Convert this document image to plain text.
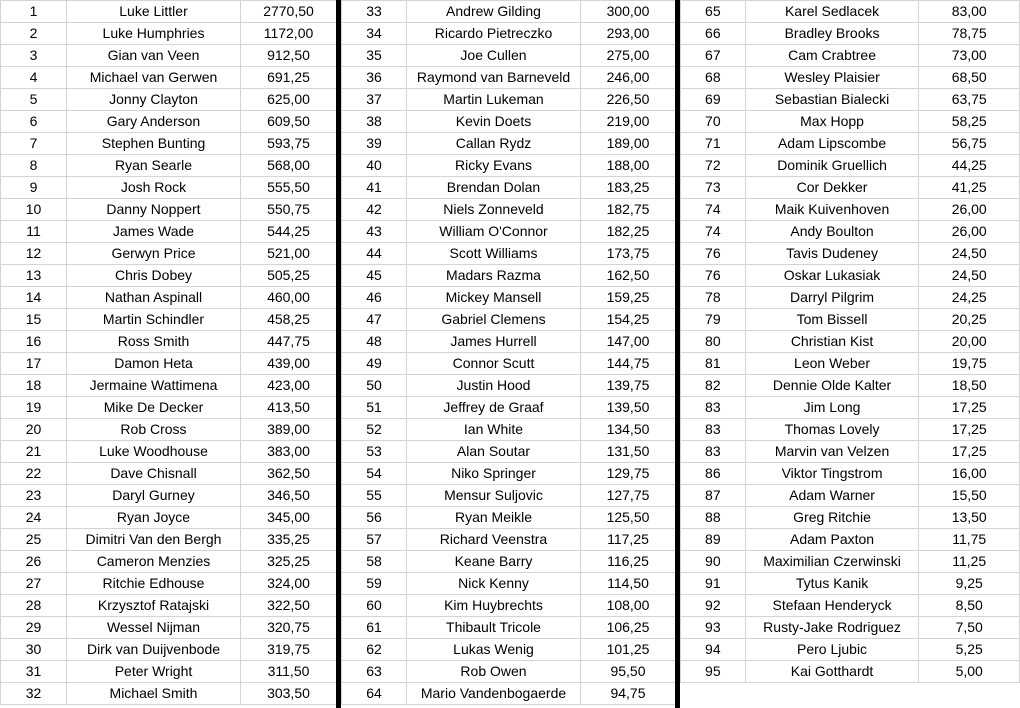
1	Luke Littler	2770,50
2	Luke Humphries	1172,00
3	Gian van Veen	912,50
4	Michael van Gerwen	691,25
5	Jonny Clayton	625,00
6	Gary Anderson	609,50
7	Stephen Bunting	593,75
8	Ryan Searle	568,00
9	Josh Rock	555,50
10	Danny Noppert	550,75
11	James Wade	544,25
12	Gerwyn Price	521,00
13	Chris Dobey	505,25
14	Nathan Aspinall	460,00
15	Martin Schindler	458,25
16	Ross Smith	447,75
17	Damon Heta	439,00
18	Jermaine Wattimena	423,00
19	Mike De Decker	413,50
20	Rob Cross	389,00
21	Luke Woodhouse	383,00
22	Dave Chisnall	362,50
23	Daryl Gurney	346,50
24	Ryan Joyce	345,00
25	Dimitri Van den Bergh	335,25
26	Cameron Menzies	325,25
27	Ritchie Edhouse	324,00
28	Krzysztof Ratajski	322,50
29	Wessel Nijman	320,75
30	Dirk van Duijvenbode	319,75
31	Peter Wright	311,50
32	Michael Smith	303,50
33	Andrew Gilding	300,00
34	Ricardo Pietreczko	293,00
35	Joe Cullen	275,00
36	Raymond van Barneveld	246,00
37	Martin Lukeman	226,50
38	Kevin Doets	219,00
39	Callan Rydz	189,00
40	Ricky Evans	188,00
41	Brendan Dolan	183,25
42	Niels Zonneveld	182,75
43	William O'Connor	182,25
44	Scott Williams	173,75
45	Madars Razma	162,50
46	Mickey Mansell	159,25
47	Gabriel Clemens	154,25
48	James Hurrell	147,00
49	Connor Scutt	144,75
50	Justin Hood	139,75
51	Jeffrey de Graaf	139,50
52	Ian White	134,50
53	Alan Soutar	131,50
54	Niko Springer	129,75
55	Mensur Suljovic	127,75
56	Ryan Meikle	125,50
57	Richard Veenstra	117,25
58	Keane Barry	116,25
59	Nick Kenny	114,50
60	Kim Huybrechts	108,00
61	Thibault Tricole	106,25
62	Lukas Wenig	101,25
63	Rob Owen	95,50
64	Mario Vandenbogaerde	94,75
65	Karel Sedlacek	83,00
66	Bradley Brooks	78,75
67	Cam Crabtree	73,00
68	Wesley Plaisier	68,50
69	Sebastian Bialecki	63,75
70	Max Hopp	58,25
71	Adam Lipscombe	56,75
72	Dominik Gruellich	44,25
73	Cor Dekker	41,25
74	Maik Kuivenhoven	26,00
74	Andy Boulton	26,00
76	Tavis Dudeney	24,50
76	Oskar Lukasiak	24,50
78	Darryl Pilgrim	24,25
79	Tom Bissell	20,25
80	Christian Kist	20,00
81	Leon Weber	19,75
82	Dennie Olde Kalter	18,50
83	Jim Long	17,25
83	Thomas Lovely	17,25
83	Marvin van Velzen	17,25
86	Viktor Tingstrom	16,00
87	Adam Warner	15,50
88	Greg Ritchie	13,50
89	Adam Paxton	11,75
90	Maximilian Czerwinski	11,25
91	Tytus Kanik	9,25
92	Stefaan Henderyck	8,50
93	Rusty-Jake Rodriguez	7,50
94	Pero Ljubic	5,25
95	Kai Gotthardt	5,00
